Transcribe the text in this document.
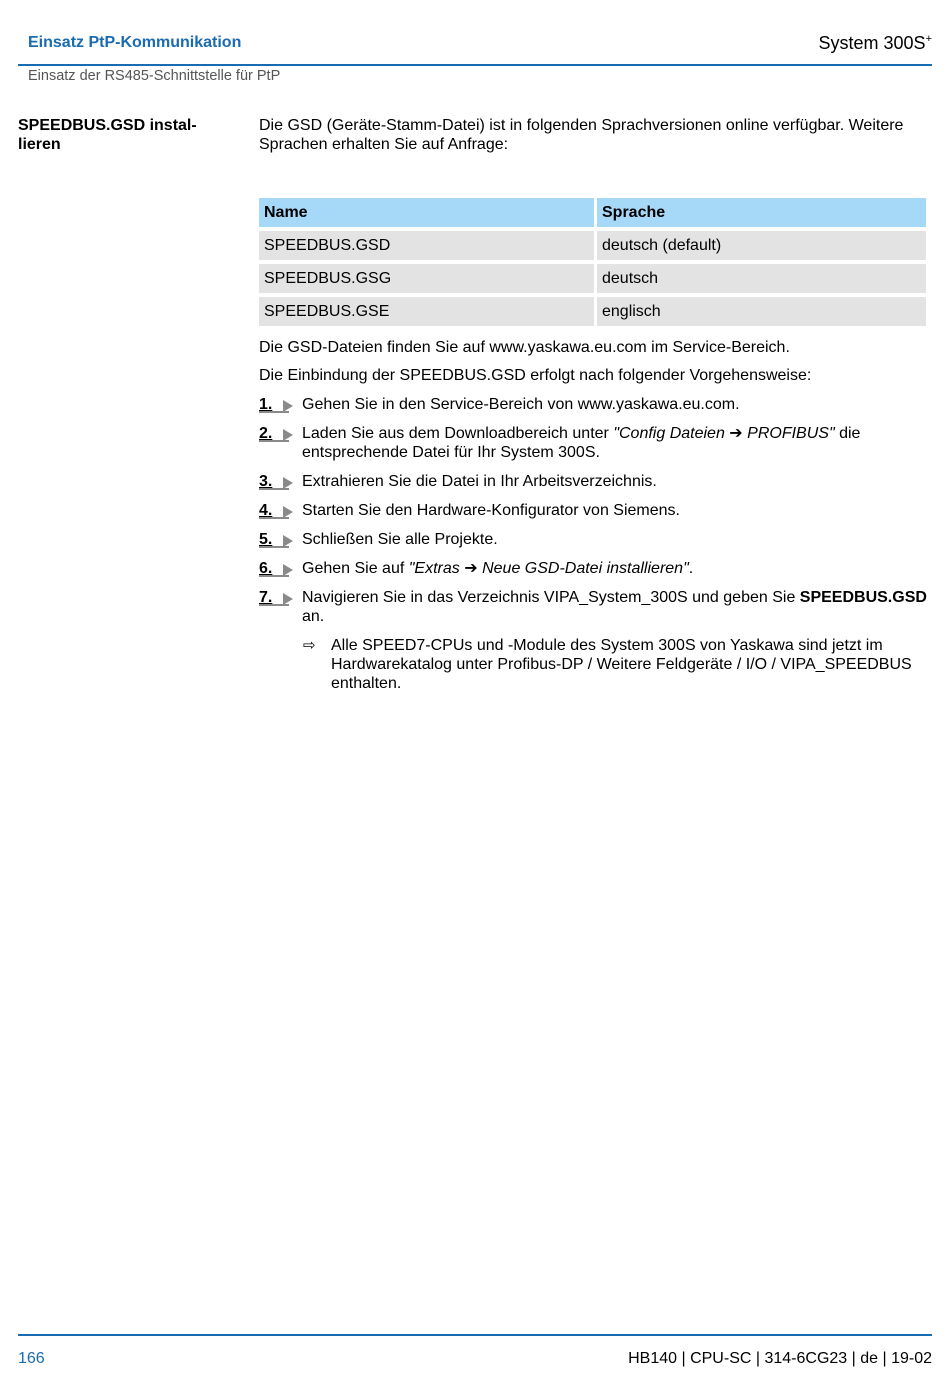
Einsatz PtP-Kommunikation	System 300S+
Einsatz der RS485-Schnittstelle für PtP
SPEEDBUS.GSD instal-
lieren

Die GSD (Geräte-Stamm-Datei) ist in folgenden Sprachversionen online verfügbar. Weitere Sprachen erhalten Sie auf Anfrage:

Name	Sprache
SPEEDBUS.GSD	deutsch (default)
SPEEDBUS.GSG	deutsch
SPEEDBUS.GSE	englisch

Die GSD-Dateien finden Sie auf www.yaskawa.eu.com im Service-Bereich.

Die Einbindung der SPEEDBUS.GSD erfolgt nach folgender Vorgehensweise:

1.	Gehen Sie in den Service-Bereich von www.yaskawa.eu.com.
2.	Laden Sie aus dem Downloadbereich unter "Config Dateien ➔ PROFIBUS" die entsprechende Datei für Ihr System 300S.
3.	Extrahieren Sie die Datei in Ihr Arbeitsverzeichnis.
4.	Starten Sie den Hardware-Konfigurator von Siemens.
5.	Schließen Sie alle Projekte.
6.	Gehen Sie auf "Extras ➔ Neue GSD-Datei installieren".
7.	Navigieren Sie in das Verzeichnis VIPA_System_300S und geben Sie SPEEDBUS.GSD an.
⇨ Alle SPEED7-CPUs und -Module des System 300S von Yaskawa sind jetzt im Hardwarekatalog unter Profibus-DP / Weitere Feldgeräte / I/O / VIPA_SPEEDBUS enthalten.
166	HB140 | CPU-SC | 314-6CG23 | de | 19-02
